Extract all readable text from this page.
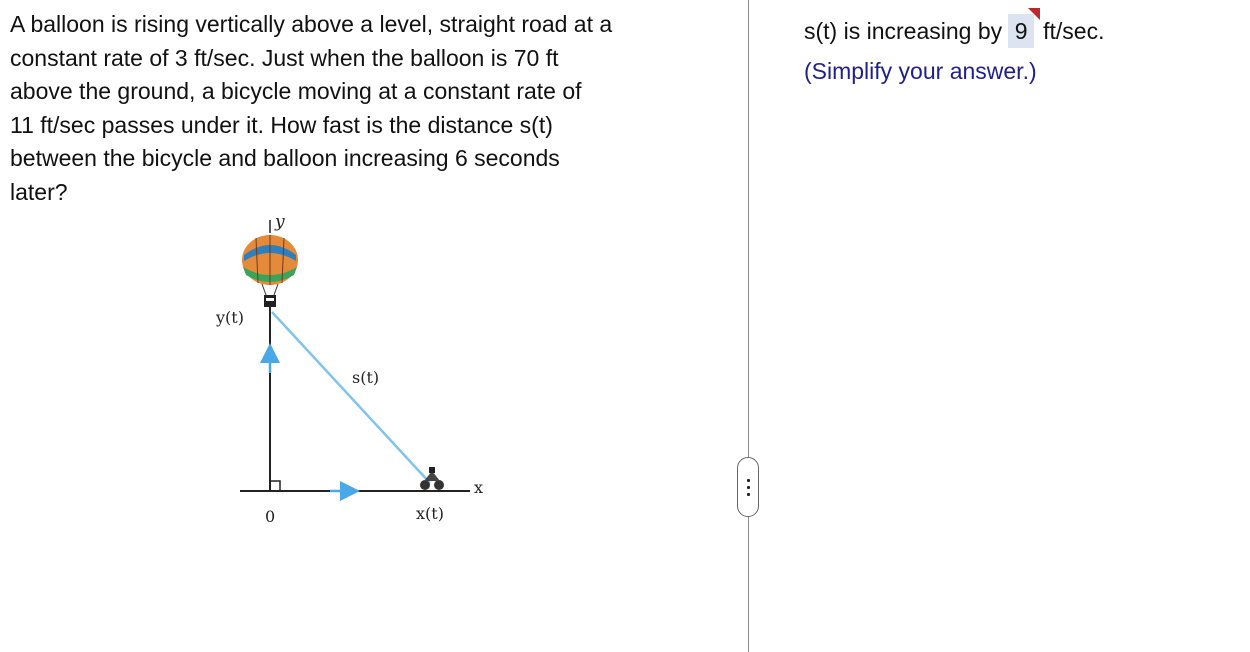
A balloon is rising vertically above a level, straight road at a
constant rate of 3 ft/sec. Just when the balloon is 70 ft
above the ground, a bicycle moving at a constant rate of
11 ft/sec passes under it. How fast is the distance s(t)
between the bicycle and balloon increasing 6 seconds
later?
y
x
y(t)
s(t)
0	x(t)
s(t) is increasing by 9 ft/sec.
(Simplify your answer.)
